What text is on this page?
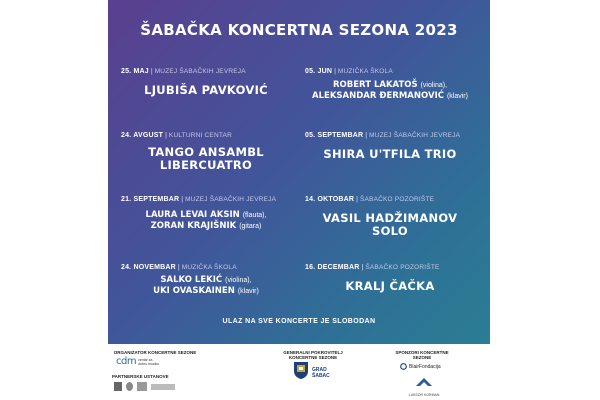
ŠABAČKA KONCERTNA SEZONA 2023
25. MAJ | MUZEJ ŠABAČKIH JEVREJA
LJUBIŠA PAVKOVIĆ
05. JUN | MUZIČKA ŠKOLA
ROBERT LAKATOŠ (violina),
ALEKSANDAR ĐERMANOVIĆ (klavir)
24. AVGUST | KULTURNI CENTAR
TANGO ANSAMBL
LIBERCUATRO
05. SEPTEMBAR | MUZEJ ŠABAČKIH JEVREJA
SHIRA U'TFILA TRIO
21. SEPTEMBAR | MUZEJ ŠABAČKIH JEVREJA
LAURA LEVAI AKSIN (flauta),
ZORAN KRAJIŠNIK (gitara)
14. OKTOBAR | ŠABAČKO POZORIŠTE
VASIL HADŽIMANOV SOLO
24. NOVEMBAR | MUZIČKA ŠKOLA
SALKO LEKIĆ (violina),
UKI OVASKAINEN (klavir)
16. DECEMBAR | ŠABAČKO POZORIŠTE
KRALJ ČAČKA
ULAZ NA SVE KONCERTE JE SLOBODAN
ORGANIZATOR KONCERTNE SEZONE
cdm centar za
dobru muziku
PARTNERSKE USTANOVE
GENERALNI POKROVITELJ KONCERTNE SEZONE
GRAD
ŠABAC
SPONZORI KONCERTNE SEZONE
BlairFondacija
LUKSOR KORMAN
